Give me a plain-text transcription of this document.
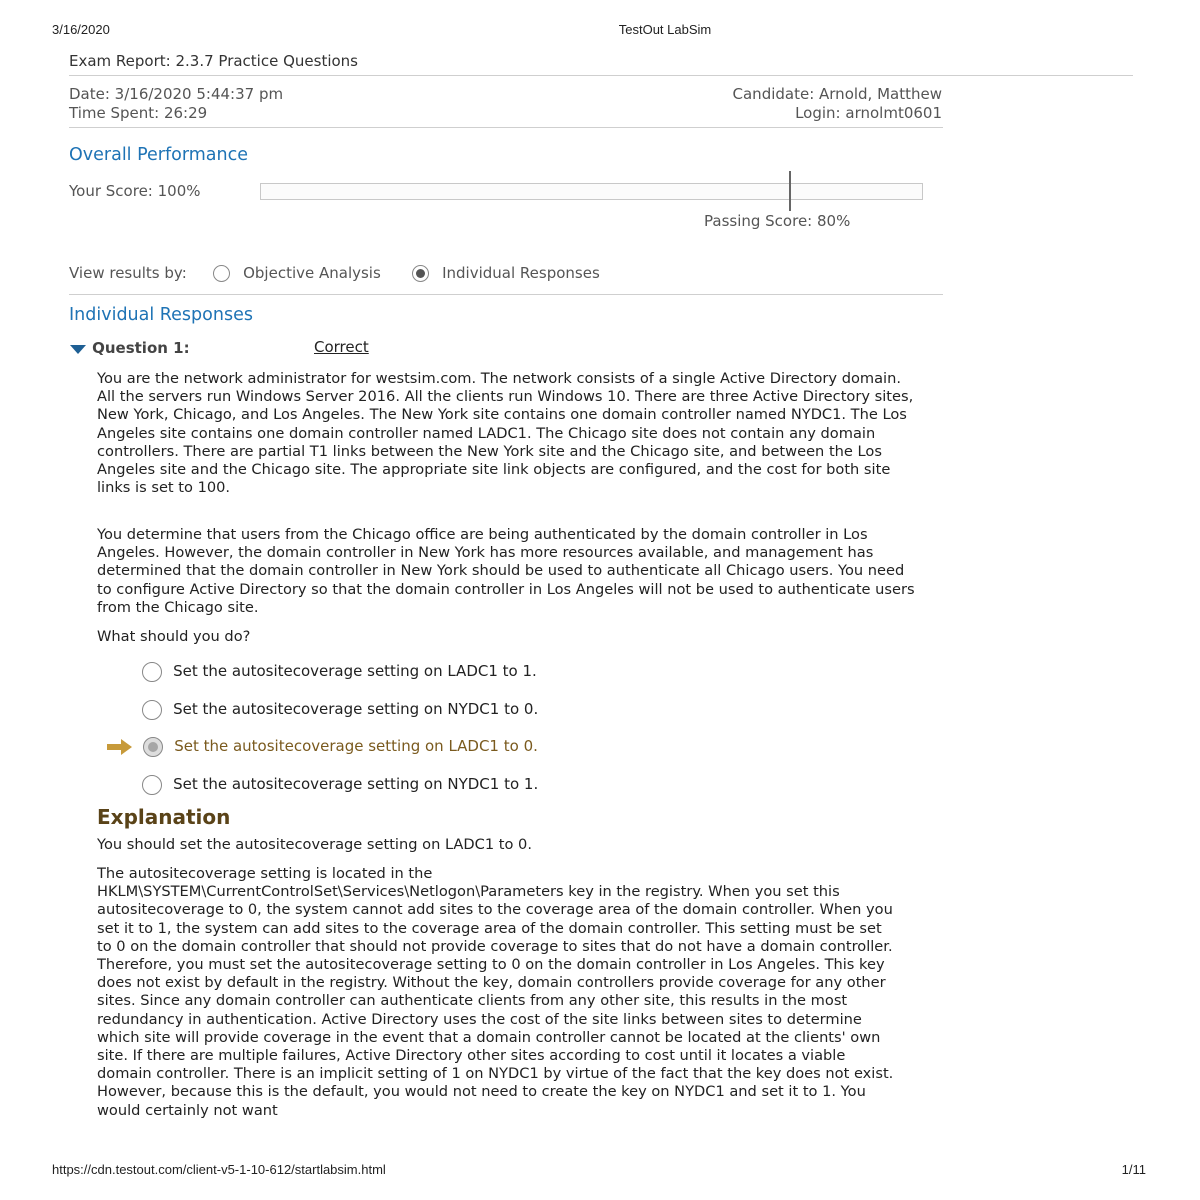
3/16/2020	TestOut LabSim
Exam Report: 2.3.7 Practice Questions
Date: 3/16/2020 5:44:37 pm
Time Spent: 26:29
Candidate: Arnold, Matthew
Login: arnolmt0601
Overall Performance
Your Score: 100%
Passing Score: 80%
View results by:	Objective Analysis	Individual Responses
Individual Responses
Question 1:	Correct
You are the network administrator for westsim.com. The network consists of a single Active Directory domain. All the servers run Windows Server 2016. All the clients run Windows 10. There are three Active Directory sites, New York, Chicago, and Los Angeles. The New York site contains one domain controller named NYDC1. The Los Angeles site contains one domain controller named LADC1. The Chicago site does not contain any domain controllers. There are partial T1 links between the New York site and the Chicago site, and between the Los Angeles site and the Chicago site. The appropriate site link objects are configured, and the cost for both site links is set to 100.
You determine that users from the Chicago office are being authenticated by the domain controller in Los Angeles. However, the domain controller in New York has more resources available, and management has determined that the domain controller in New York should be used to authenticate all Chicago users. You need to configure Active Directory so that the domain controller in Los Angeles will not be used to authenticate users from the Chicago site.
What should you do?
Set the autositecoverage setting on LADC1 to 1.
Set the autositecoverage setting on NYDC1 to 0.
Set the autositecoverage setting on LADC1 to 0.
Set the autositecoverage setting on NYDC1 to 1.
Explanation
You should set the autositecoverage setting on LADC1 to 0.
The autositecoverage setting is located in the HKLM\SYSTEM\CurrentControlSet\Services\Netlogon\Parameters key in the registry. When you set this autositecoverage to 0, the system cannot add sites to the coverage area of the domain controller. When you set it to 1, the system can add sites to the coverage area of the domain controller. This setting must be set to 0 on the domain controller that should not provide coverage to sites that do not have a domain controller. Therefore, you must set the autositecoverage setting to 0 on the domain controller in Los Angeles. This key does not exist by default in the registry. Without the key, domain controllers provide coverage for any other sites. Since any domain controller can authenticate clients from any other site, this results in the most redundancy in authentication. Active Directory uses the cost of the site links between sites to determine which site will provide coverage in the event that a domain controller cannot be located at the clients' own site. If there are multiple failures, Active Directory other sites according to cost until it locates a viable domain controller. There is an implicit setting of 1 on NYDC1 by virtue of the fact that the key does not exist. However, because this is the default, you would not need to create the key on NYDC1 and set it to 1. You would certainly not want
https://cdn.testout.com/client-v5-1-10-612/startlabsim.html	1/11
